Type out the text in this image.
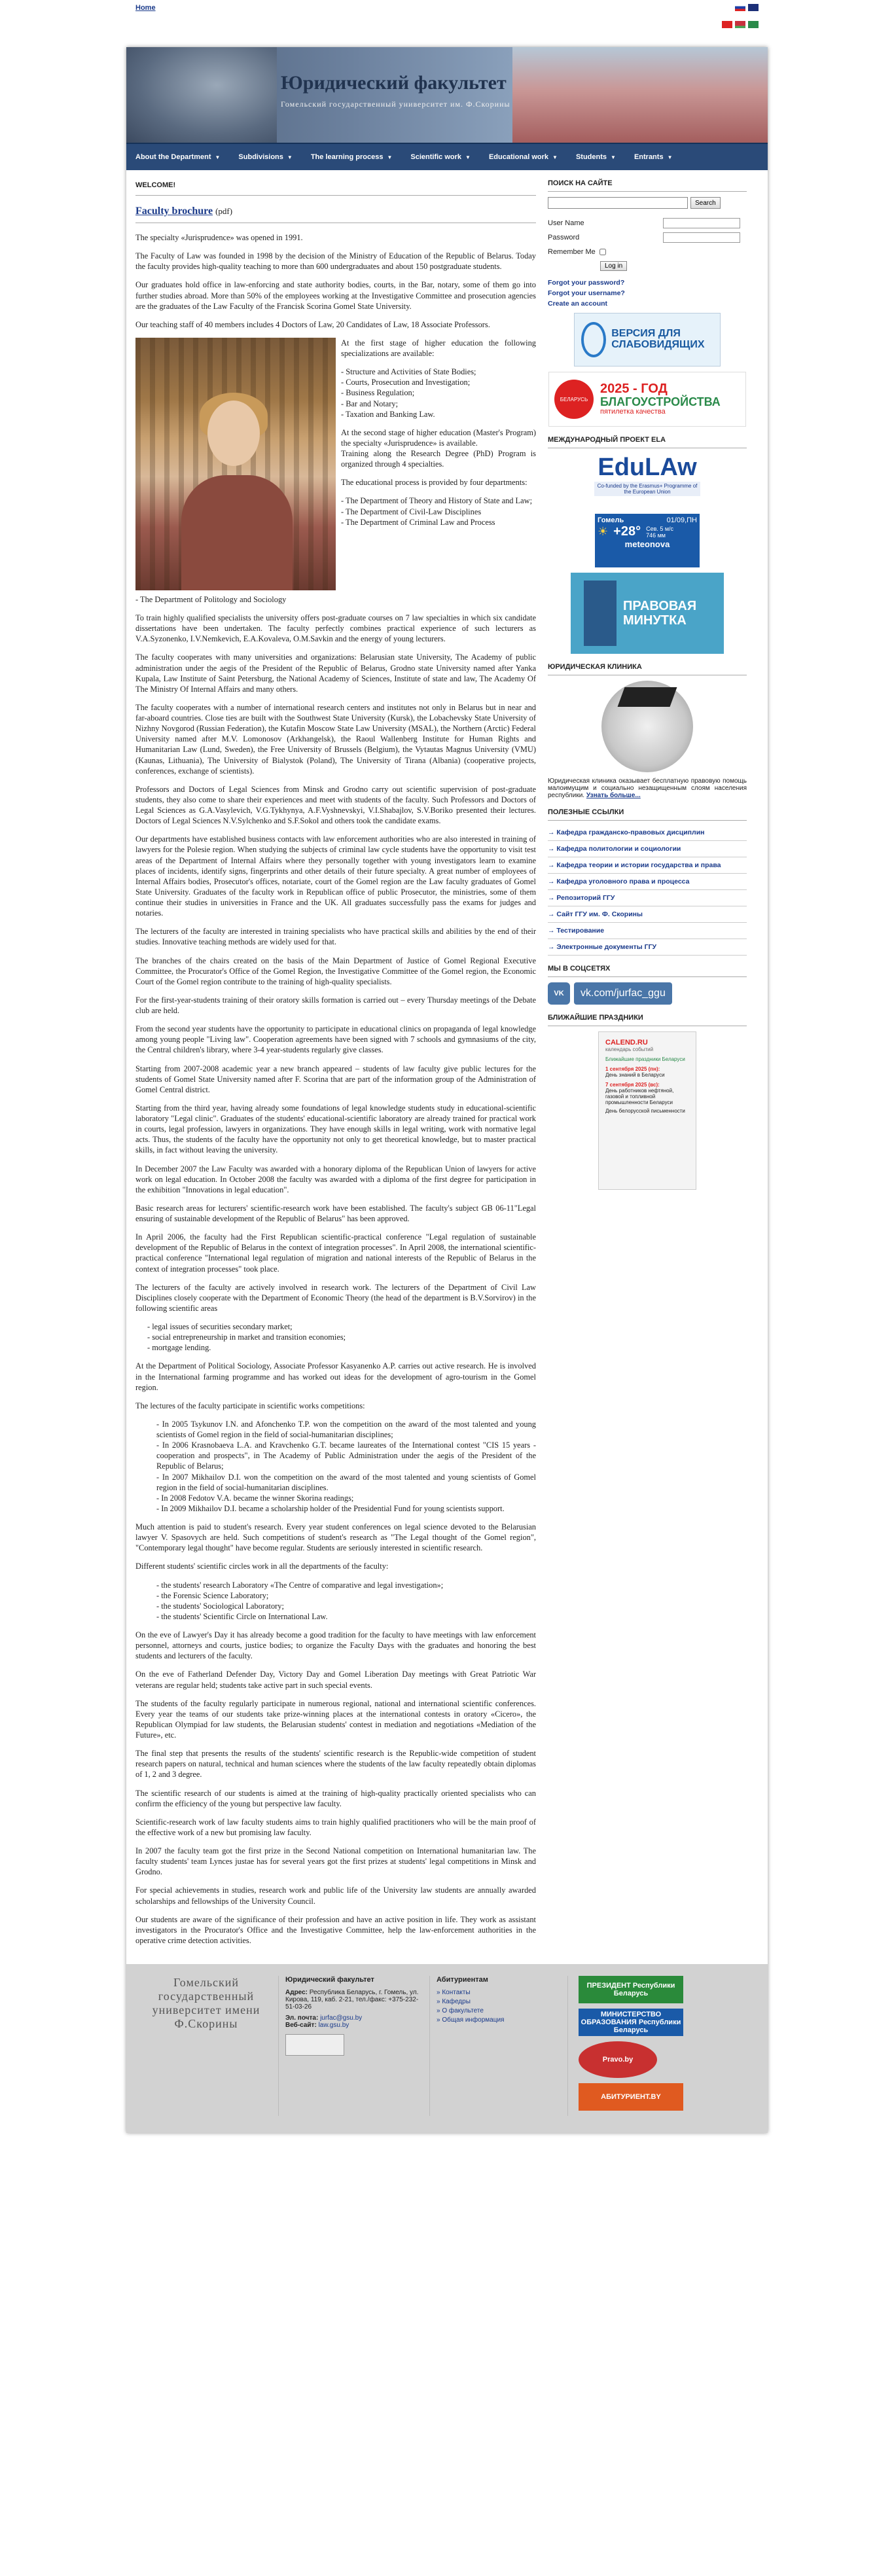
Home
Юридический факультет
Гомельский государственный университет им. Ф.Скорины
About the Department ▼	Subdivisions ▼	The learning process ▼	Scientific work ▼	Educational work ▼	Students ▼	Entrants ▼
WELCOME!
Faculty brochure (pdf)

The specialty «Jurisprudence» was opened in 1991.

The Faculty of Law was founded in 1998 by the decision of the Ministry of Education of the Republic of Belarus. Today the faculty provides high-quality teaching to more than 600 undergraduates and about 150 postgraduate students.

Our graduates hold office in law-enforcing and state authority bodies, courts, in the Bar, notary, some of them go into further studies abroad. More than 50% of the employees working at the Investigative Committee and prosecution agencies are the graduates of the Law Faculty of the Francisk Scorina Gomel State University.

Our teaching staff of 40 members includes 4 Doctors of Law, 20 Candidates of Law, 18 Associate Professors.

At the first stage of higher education the following specializations are available:

- Structure and Activities of State Bodies;
- Courts, Prosecution and Investigation;
- Business Regulation;
- Bar and Notary;
- Taxation and Banking Law.

At the second stage of higher education (Master's Program) the specialty «Jurisprudence» is available.
Training along the Research Degree (PhD) Program is organized through 4 specialties.

The educational process is provided by four departments:

- The Department of Theory and History of State and Law;
- The Department of Civil-Law Disciplines
- The Department of Criminal Law and Process
- The Department of Politology and Sociology

To train highly qualified specialists the university offers post-graduate courses on 7 law specialties in which six candidate dissertations have been undertaken. The faculty perfectly combines practical experience of such lecturers as V.A.Syzonenko, I.V.Nemkevich, E.A.Kovaleva, O.M.Savkin and the energy of young lecturers.

The faculty cooperates with many universities and organizations: Belarusian state University, The Academy of public administration under the aegis of the President of the Republic of Belarus, Grodno state University named after Yanka Kupala, Law Institute of Saint Petersburg, the National Academy of Sciences, Institute of state and law, The Academy Of The Ministry Of Internal Affairs and many others.

The faculty cooperates with a number of international research centers and institutes not only in Belarus but in near and far-aboard countries. Close ties are built with the Southwest State University (Kursk), the Lobachevsky State University of Nizhny Novgorod (Russian Federation), the Kutafin Moscow State Law University (MSAL), the Northern (Arctic) Federal University named after M.V. Lomonosov (Arkhangelsk), the Raoul Wallenberg Institute for Human Rights and Humanitarian Law (Lund, Sweden), the Free University of Brussels (Belgium), the Vytautas Magnus University (VMU) (Kaunas, Lithuania), The University of Bialystok (Poland), The University of Tirana (Albania) (cooperative projects, conferences, exchange of scientists).

Professors and Doctors of Legal Sciences from Minsk and Grodno carry out scientific supervision of post-graduate students, they also come to share their experiences and meet with students of the faculty. Such Professors and Doctors of Legal Sciences as G.A.Vasylevich, V.G.Tykhynya, A.F.Vyshnevskyi, V.I.Shabajlov, S.V.Boriko presented their lectures. Doctors of Legal Sciences N.V.Sylchenko and S.F.Sokol and others took the candidate exams.

Our departments have established business contacts with law enforcement authorities who are also interested in training of lawyers for the Polesie region. When studying the subjects of criminal law cycle students have the opportunity to visit test areas of the Department of Internal Affairs where they personally together with young investigators learn to examine places of incidents, identify signs, fingerprints and other details of their future specialty. A great number of employees of Internal Affairs bodies, Prosecutor's offices, notariate, court of the Gomel region are the Law faculty graduates of Gomel State University. Graduates of the faculty work in Republican office of public Prosecutor, the ministries, some of them continue their studies in universities in France and the UK. All graduates successfully pass the exams for judges and notaries.

The lecturers of the faculty are interested in training specialists who have practical skills and abilities by the end of their studies. Innovative teaching methods are widely used for that.

The branches of the chairs created on the basis of the Main Department of Justice of Gomel Regional Executive Committee, the Procurator's Office of the Gomel Region, the Investigative Committee of the Gomel region, the Economic Court of the Gomel region contribute to the training of high-quality specialists.

For the first-year-students training of their oratory skills formation is carried out – every Thursday meetings of the Debate club are held.

From the second year students have the opportunity to participate in educational clinics on propaganda of legal knowledge among young people "Living law". Cooperation agreements have been signed with 7 schools and gymnasiums of the city, the Central children's library, where 3-4 year-students regularly give classes.

Starting from 2007-2008 academic year a new branch appeared – students of law faculty give public lectures for the students of Gomel State University named after F. Scorina that are part of the information group of the Administration of Gomel Central district.

Starting from the third year, having already some foundations of legal knowledge students study in educational-scientific laboratory "Legal clinic". Graduates of the students' educational-scientific laboratory are already trained for practical work in courts, legal profession, lawyers in organizations. They have enough skills in legal writing, work with normative legal acts. Thus, the students of the faculty have the opportunity not only to get theoretical knowledge, but to master practical skills, in fact without leaving the university.

In December 2007 the Law Faculty was awarded with a honorary diploma of the Republican Union of lawyers for active work on legal education. In October 2008 the faculty was awarded with a diploma of the first degree for participation in the exhibition "Innovations in legal education".

Basic research areas for lecturers' scientific-research work have been established. The faculty's subject GB 06-11"Legal ensuring of sustainable development of the Republic of Belarus" has been approved.

In April 2006, the faculty had the First Republican scientific-practical conference "Legal regulation of sustainable development of the Republic of Belarus in the context of integration processes". In April 2008, the international scientific-practical conference "International legal regulation of migration and national interests of the Republic of Belarus in the context of integration processes" took place.

The lecturers of the faculty are actively involved in research work. The lecturers of the Department of Civil Law Disciplines closely cooperate with the Department of Economic Theory (the head of the department is B.V.Sorvirov) in the following scientific areas

- legal issues of securities secondary market;
- social entrepreneurship in market and transition economies;
- mortgage lending.

At the Department of Political Sociology, Associate Professor Kasyanenko A.P. carries out active research. He is involved in the International farming programme and has worked out ideas for the development of agro-tourism in the Gomel region.

The lectures of the faculty participate in scientific works competitions:

- In 2005 Tsykunov I.N. and Afonchenko T.P. won the competition on the award of the most talented and young scientists of Gomel region in the field of social-humanitarian disciplines;
- In 2006 Krasnobaeva L.A. and Kravchenko G.T. became laureates of the International contest "CIS 15 years - cooperation and prospects", in The Academy of Public Administration under the aegis of the President of the Republic of Belarus;
- In 2007 Mikhailov D.I. won the competition on the award of the most talented and young scientists of Gomel region in the field of social-humanitarian disciplines.
- In 2008 Fedotov V.A. became the winner Skorina readings;
- In 2009 Mikhailov D.I. became a scholarship holder of the Presidential Fund for young scientists support.

Much attention is paid to student's research. Every year student conferences on legal science devoted to the Belarusian lawyer V. Spasovych are held. Such competitions of student's research as "The Legal thought of the Gomel region", "Contemporary legal thought" have become regular. Students are seriously interested in scientific research.

Different students' scientific circles work in all the departments of the faculty:

- the students' research Laboratory «The Centre of comparative and legal investigation»;
- the Forensic Science Laboratory;
- the students' Sociological Laboratory;
- the students' Scientific Circle on International Law.

On the eve of Lawyer's Day it has already become a good tradition for the faculty to have meetings with law enforcement personnel, attorneys and courts, justice bodies; to organize the Faculty Days with the graduates and honoring the best students and lecturers of the faculty.

On the eve of Fatherland Defender Day, Victory Day and Gomel Liberation Day meetings with Great Patriotic War veterans are regular held; students take active part in such special events.

The students of the faculty regularly participate in numerous regional, national and international scientific conferences. Every year the teams of our students take prize-winning places at the international contests in oratory «Cicero», the Republican Olympiad for law students, the Belarusian students' contest in mediation and negotiations «Mediation of the Future», etc.

The final step that presents the results of the students' scientific research is the Republic-wide competition of student research papers on natural, technical and human sciences where the students of the law faculty repeatedly obtain diplomas of 1, 2 and 3 degree.

The scientific research of our students is aimed at the training of high-quality practically oriented specialists who can confirm the efficiency of the young but perspective law faculty.

Scientific-research work of law faculty students aims to train highly qualified practitioners who will be the main proof of the effective work of a new but promising law faculty.

In 2007 the faculty team got the first prize in the Second National competition on International humanitarian law. The faculty students' team Lynces justae has for several years got the first prizes at students' legal competitions in Minsk and Grodno.

For special achievements in studies, research work and public life of the University law students are annually awarded scholarships and fellowships of the University Council.

Our students are aware of the significance of their profession and have an active position in life. They work as assistant investigators in the Procurator's Office and the Investigative Committee, help the law-enforcement authorities in the operative crime detection activities.

ПОИСК НА САЙТЕ
Search
User Name
Password
Remember Me
Log in
Forgot your password?
Forgot your username?
Create an account
ВЕРСИЯ ДЛЯ СЛАБОВИДЯЩИХ
БЕЛАРУСЬ
2025 - ГОД
БЛАГОУСТРОЙСТВА
пятилетка качества
МЕЖДУНАРОДНЫЙ ПРОЕКТ ELA
EduLAw
Co-funded by the Erasmus+ Programme of the European Union
Гомель	01/09,ПН
☀ +28° Сев. 5 м/с
746 мм
meteonova
ПРАВОВАЯ
МИНУТКА
ЮРИДИЧЕСКАЯ КЛИНИКА
Юридическая клиника оказывает бесплатную правовую помощь малоимущим и социально незащищенным слоям населения республики. Узнать больше...
ПОЛЕЗНЫЕ ССЫЛКИ
→ Кафедра гражданско-правовых дисциплин
→ Кафедра политологии и социологии
→ Кафедра теории и истории государства и права
→ Кафедра уголовного права и процесса
→ Репозиторий ГГУ
→ Сайт ГГУ им. Ф. Скорины
→ Тестирование
→ Электронные документы ГГУ
МЫ В СОЦСЕТЯХ
VK	vk.com/jurfac_ggu
БЛИЖАЙШИЕ ПРАЗДНИКИ
CALEND.RU
календарь событий
Ближайшие праздники Беларуси
1 сентября 2025 (пн):
День знаний в Беларуси
7 сентября 2025 (вс):
День работников нефтяной, газовой и топливной промышленности Беларуси
День белорусской письменности
Гомельский
государственный
университет имени
Ф.Скорины
Юридический факультет
Адрес: Республика Беларусь, г. Гомель, ул. Кирова, 119, каб. 2-21, тел./факс: +375-232-51-03-26
Эл. почта: jurfac@gsu.by
Веб-сайт: law.gsu.by
Абитуриентам
» Контакты
» Кафедры
» О факультете
» Общая информация
ПРЕЗИДЕНТ Республики Беларусь
МИНИСТЕРСТВО ОБРАЗОВАНИЯ Республики Беларусь
Pravo.by
АБИТУРИЕНТ.BY
